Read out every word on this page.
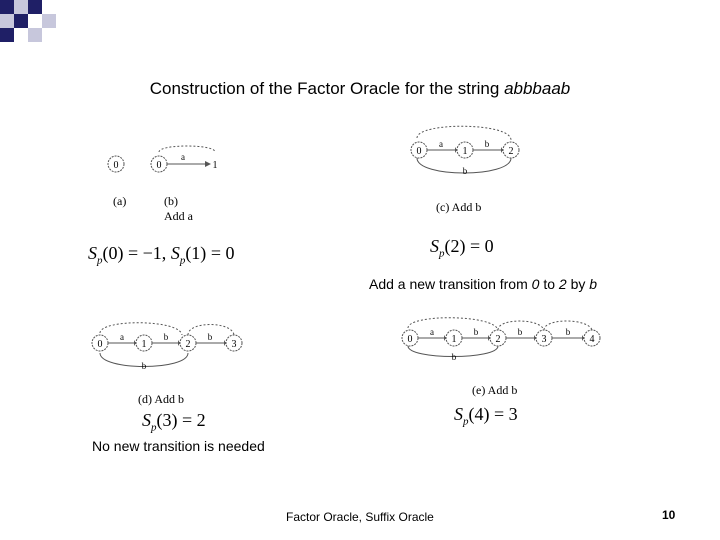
Construction of the Factor Oracle for the string abbbaab
0	0
a
1
(a)	(b)
Add a
$S_p(0) = -1$, $S_p(1) = 0$
0	1	2
a	b
b
(c) Add b
$S_p(2) = 0$
Add a new transition from 0 to 2 by b
0	1	2	3
a	b	b
b
(d) Add b
$S_p(3) = 2$
0	1	2	3	4
a	b	b	b
b
(e) Add b
$S_p(4) = 3$
No new transition is needed
Factor Oracle, Suffix Oracle	10
